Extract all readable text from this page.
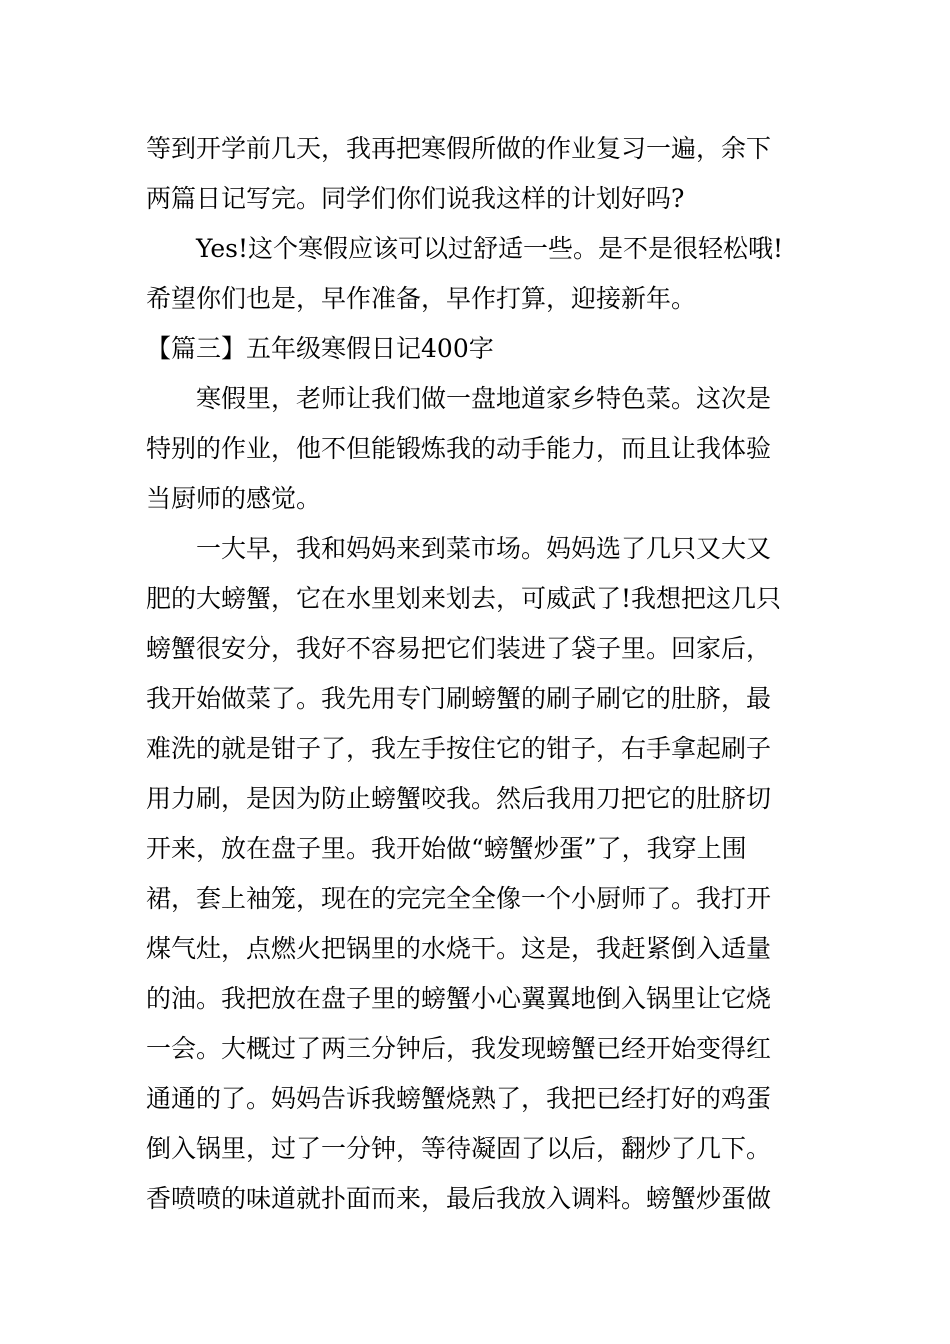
等到开学前几天，我再把寒假所做的作业复习一遍，余下
两篇日记写完。同学们你们说我这样的计划好吗?
Yes!这个寒假应该可以过舒适一些。是不是很轻松哦!
希望你们也是，早作准备，早作打算，迎接新年。
【篇三】五年级寒假日记400字
寒假里，老师让我们做一盘地道家乡特色菜。这次是
特别的作业，他不但能锻炼我的动手能力，而且让我体验
当厨师的感觉。
一大早，我和妈妈来到菜市场。妈妈选了几只又大又
肥的大螃蟹，它在水里划来划去，可威武了!我想把这几只
螃蟹很安分，我好不容易把它们装进了袋子里。回家后，
我开始做菜了。我先用专门刷螃蟹的刷子刷它的肚脐，最
难洗的就是钳子了，我左手按住它的钳子，右手拿起刷子
用力刷，是因为防止螃蟹咬我。然后我用刀把它的肚脐切
开来，放在盘子里。我开始做“螃蟹炒蛋”了，我穿上围
裙，套上袖笼，现在的完完全全像一个小厨师了。我打开
煤气灶，点燃火把锅里的水烧干。这是，我赶紧倒入适量
的油。我把放在盘子里的螃蟹小心翼翼地倒入锅里让它烧
一会。大概过了两三分钟后，我发现螃蟹已经开始变得红
通通的了。妈妈告诉我螃蟹烧熟了，我把已经打好的鸡蛋
倒入锅里，过了一分钟，等待凝固了以后，翻炒了几下。
香喷喷的味道就扑面而来，最后我放入调料。螃蟹炒蛋做
